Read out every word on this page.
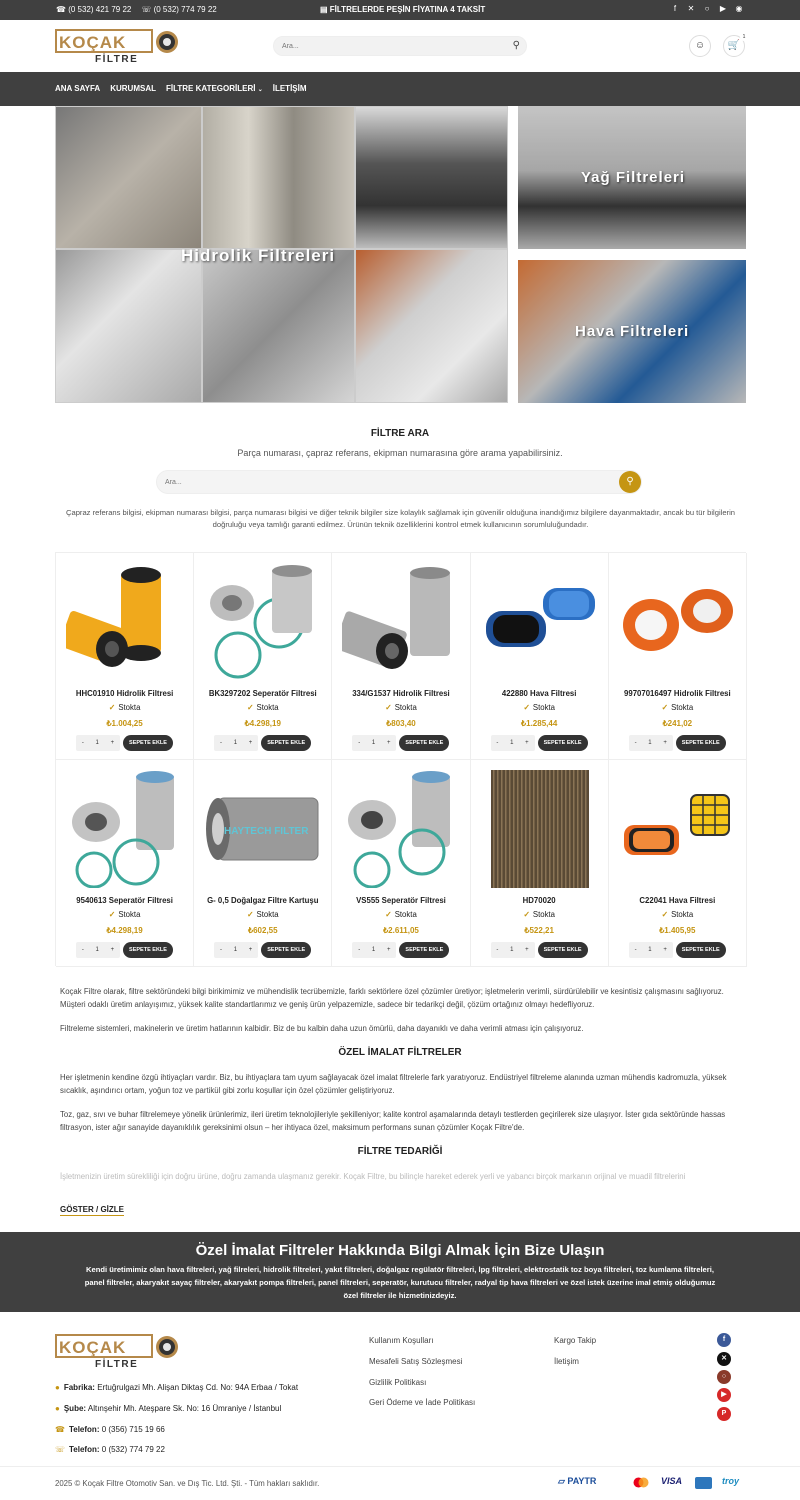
☎ (0 532) 421 79 22 ☏ (0 532) 774 79 22	▤ FİLTRELERDE PEŞİN FİYATINA 4 TAKSİT	f	✕	○	▶ ◉
KOÇAK
FİLTRE
Ara...
⚲	☺	🛒
1
ANA SAYFA KURUMSAL FİLTRE KATEGORİLERİ ⌄ İLETİŞİM
Hidrolik Filtreleri
Yağ Filtreleri
Hava Filtreleri
FİLTRE ARA
Parça numarası, çapraz referans, ekipman numarasına göre arama yapabilirsiniz.
Ara...
⚲
Çapraz referans bilgisi, ekipman numarası bilgisi, parça numarası bilgisi ve diğer teknik bilgiler size kolaylık sağlamak için güvenilir olduğuna inandığımız bilgilere dayanmaktadır, ancak bu tür bilgilerin doğruluğu veya tamlığı garanti edilmez. Ürünün teknik özelliklerini kontrol etmek kullanıcının sorumluluğundadır.
HHC01910 Hidrolik Filtresi
✓ Stokta
₺1.004,25
- 1 +	SEPETE EKLE
BK3297202 Seperatör Filtresi
✓ Stokta
₺4.298,19
- 1 +	SEPETE EKLE
334/G1537 Hidrolik Filtresi
✓ Stokta
₺803,40
- 1 +	SEPETE EKLE
422880 Hava Filtresi
✓ Stokta
₺1.285,44
- 1 +	SEPETE EKLE
99707016497 Hidrolik Filtresi
✓ Stokta
₺241,02
- 1 +	SEPETE EKLE
9540613 Seperatör Filtresi
✓ Stokta
₺4.298,19
- 1 +	SEPETE EKLE
HAYTECH FILTER
G- 0,5 Doğalgaz Filtre Kartuşu
✓ Stokta
₺602,55
- 1 +	SEPETE EKLE
VS555 Seperatör Filtresi
✓ Stokta
₺2.611,05
- 1 +	SEPETE EKLE
HD70020
✓ Stokta
₺522,21
- 1 +	SEPETE EKLE
C22041 Hava Filtresi
✓ Stokta
₺1.405,95
- 1 +	SEPETE EKLE

Koçak Filtre olarak, filtre sektöründeki bilgi birikimimiz ve mühendislik tecrübemizle, farklı sektörlere özel çözümler üretiyor; işletmelerin verimli, sürdürülebilir ve kesintisiz çalışmasını sağlıyoruz. Müşteri odaklı üretim anlayışımız, yüksek kalite standartlarımız ve geniş ürün yelpazemizle, sadece bir tedarikçi değil, çözüm ortağınız olmayı hedefliyoruz.

Filtreleme sistemleri, makinelerin ve üretim hatlarının kalbidir. Biz de bu kalbin daha uzun ömürlü, daha dayanıklı ve daha verimli atması için çalışıyoruz.

ÖZEL İMALAT FİLTRELER

Her işletmenin kendine özgü ihtiyaçları vardır. Biz, bu ihtiyaçlara tam uyum sağlayacak özel imalat filtrelerle fark yaratıyoruz. Endüstriyel filtreleme alanında uzman mühendis kadromuzla, yüksek sıcaklık, aşındırıcı ortam, yoğun toz ve partikül gibi zorlu koşullar için özel çözümler geliştiriyoruz.

Toz, gaz, sıvı ve buhar filtrelemeye yönelik ürünlerimiz, ileri üretim teknolojileriyle şekilleniyor; kalite kontrol aşamalarında detaylı testlerden geçirilerek size ulaşıyor. İster gıda sektöründe hassas filtrasyon, ister ağır sanayide dayanıklılık gereksinimi olsun – her ihtiyaca özel, maksimum performans sunan çözümler Koçak Filtre'de.

FİLTRE TEDARİĞİ

İşletmenizin üretim sürekliliği için doğru ürüne, doğru zamanda ulaşmanız gerekir. Koçak Filtre, bu bilinçle hareket ederek yerli ve yabancı birçok markanın orijinal ve muadil filtrelerini

GÖSTER / GİZLE
Özel İmalat Filtreler Hakkında Bilgi Almak İçin Bize Ulaşın

Kendi üretimimiz olan hava filtreleri, yağ filreleri, hidrolik filtreleri, yakıt filtreleri, doğalgaz regülatör filtreleri, lpg filtreleri, elektrostatik toz boya filtreleri, toz kumlama filtreleri, panel filtreler, akaryakıt sayaç filtreler, akaryakıt pompa filtreleri, panel filtreleri, seperatör, kurutucu filtreler, radyal tip hava filtreleri ve özel istek üzerine imal etmiş olduğumuz özel filtreler ile hizmetinizdeyiz.

KOÇAK
FİLTRE
● Fabrika: Ertuğrulgazi Mh. Alişan Diktaş Cd. No: 94A Erbaa / Tokat
● Şube: Altınşehir Mh. Ateşpare Sk. No: 16 Ümraniye / İstanbul
☎ Telefon: 0 (356) 715 19 66
☏ Telefon: 0 (532) 774 79 22
Kullanım Koşulları
Mesafeli Satış Sözleşmesi
Gizlilik Politikası
Geri Ödeme ve İade Politikası
Kargo Takip
İletişim
f
✕
○
▶
P
2025 © Koçak Filtre Otomotiv San. ve Dış Tic. Ltd. Şti. - Tüm hakları saklıdır.	▱ PAYTR	VISA	troy
